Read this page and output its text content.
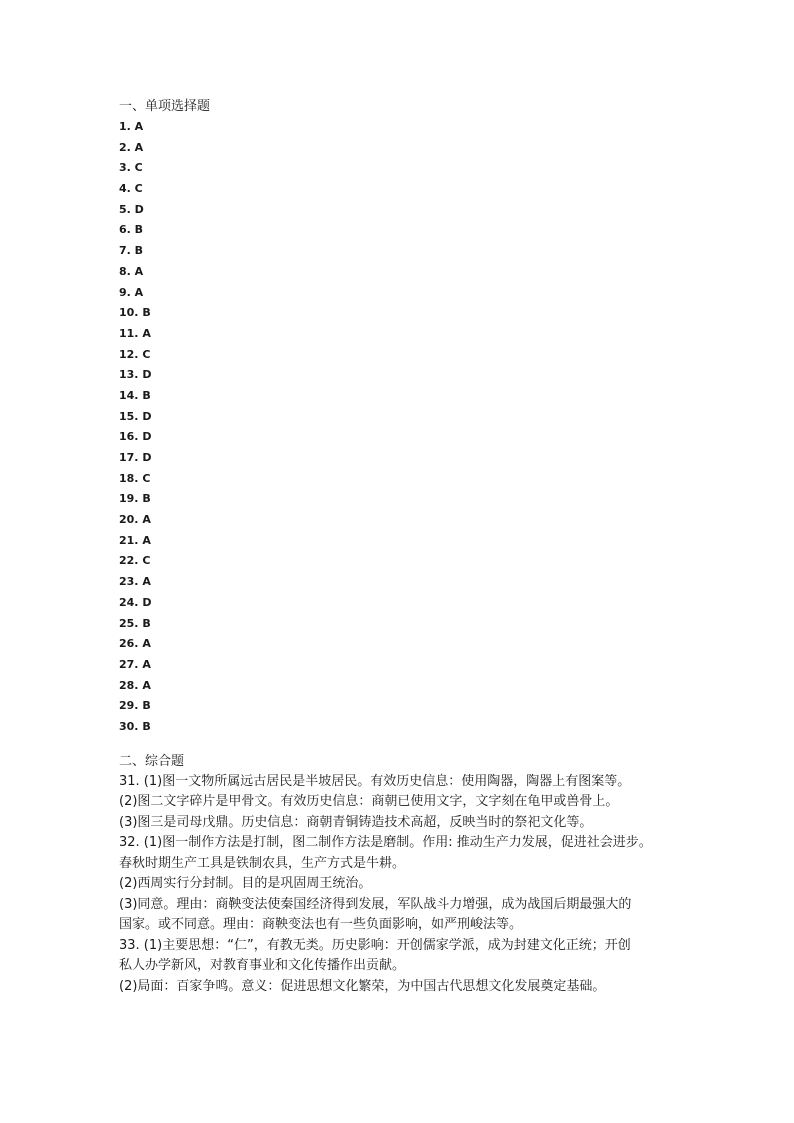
一、单项选择题

1. A
2. A
3. C
4. C
5. D
6. B
7. B
8. A
9. A
10. B
11. A
12. C
13. D
14. B
15. D
16. D
17. D
18. C
19. B
20. A
21. A
22. C
23. A
24. D
25. B
26. A
27. A
28. A
29. B
30. B

二、综合题

31. (1)图一文物所属远古居民是半坡居民。有效历史信息：使用陶器，陶器上有图案等。

(2)图二文字碎片是甲骨文。有效历史信息：商朝已使用文字，文字刻在龟甲或兽骨上。

(3)图三是司母戊鼎。历史信息：商朝青铜铸造技术高超，反映当时的祭祀文化等。

32. (1)图一制作方法是打制，图二制作方法是磨制。作用: 推动生产力发展，促进社会进步。

春秋时期生产工具是铁制农具，生产方式是牛耕。

(2)西周实行分封制。目的是巩固周王统治。

(3)同意。理由：商鞅变法使秦国经济得到发展，军队战斗力增强，成为战国后期最强大的

国家。或不同意。理由：商鞅变法也有一些负面影响，如严刑峻法等。

33. (1)主要思想：“仁”，有教无类。历史影响：开创儒家学派，成为封建文化正统；开创

私人办学新风，对教育事业和文化传播作出贡献。

(2)局面：百家争鸣。意义：促进思想文化繁荣，为中国古代思想文化发展奠定基础。
